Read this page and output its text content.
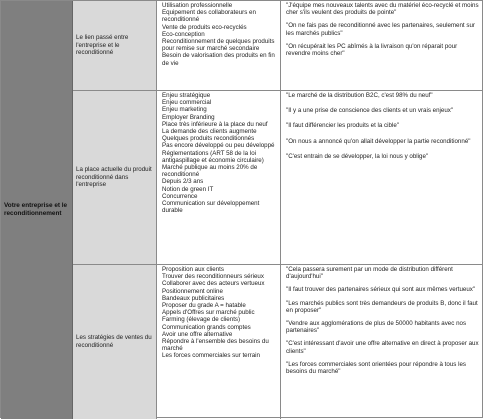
Votre entreprise et le reconditionnement
Le lien passé entre l'entreprise et le reconditionné
Utilisation professionnelle
Equipement des collaborateurs en reconditionné
Vente de produits eco-recyclés
Eco-conception
Reconditionnement de quelques produits pour remise sur marché secondaire
Besoin de valorisation des produits en fin de vie
"J'équipe mes nouveaux talents avec du matériel éco-recyclé et moins cher s'ils veulent des produits de pointe"
"On ne fais pas de reconditionné avec les partenaires, seulement sur les marchés publics"
"On récupérait les PC abîmés à la livraison qu'on réparait pour revendre moins cher"
La place actuelle du produit reconditionné dans l'entreprise
Enjeu stratégique
Enjeu commercial
Enjeu marketing
Employer Branding
Place très inférieure à la place du neuf
La demande des clients augmente
Quelques produits reconditionnés
Pas encore développé ou peu développé
Réglementations (ART 58 de la loi antigaspillage et économie circulaire)
Marché publique au moins 20% de reconditionné
Depuis 2/3 ans
Notion de green IT
Concurrence
Communication sur développement durable
"Le marché de la distribution B2C, c'est 98% du neuf"
"Il y a une prise de conscience des clients et un vrais enjeux"
"Il faut différencier les produits et la cible"
"On nous a annoncé qu'on allait développer la partie reconditionné"
"C'est entrain de se développer, la loi nous y oblige"
Les stratégies de ventes du reconditionné
Proposition aux clients
Trouver des reconditionneurs sérieux
Collaborer avec des acteurs vertueux
Positionnement online
Bandeaux publicitaires
Proposer du grade A = hatable
Appels d'Offres sur marché public
Farming (élevage de clients)
Communication grands comptes
Avoir une offre alternative
Répondre à l'ensemble des besoins du marché
Les forces commerciales sur terrain
"Cela passera surement par un mode de distribution différent d'aujourd'hui"
"Il faut trouver des partenaires sérieux qui sont aux mêmes vertueux"
"Les marchés publics sont très demandeurs de produits B, donc il faut en proposer"
"Vendre aux agglomérations de plus de 50000 habitants avec nos partenaires"
"C'est intéressant d'avoir une offre alternative en direct à proposer aux clients"
"Les forces commerciales sont orientées pour répondre à tous les besoins du marché"
